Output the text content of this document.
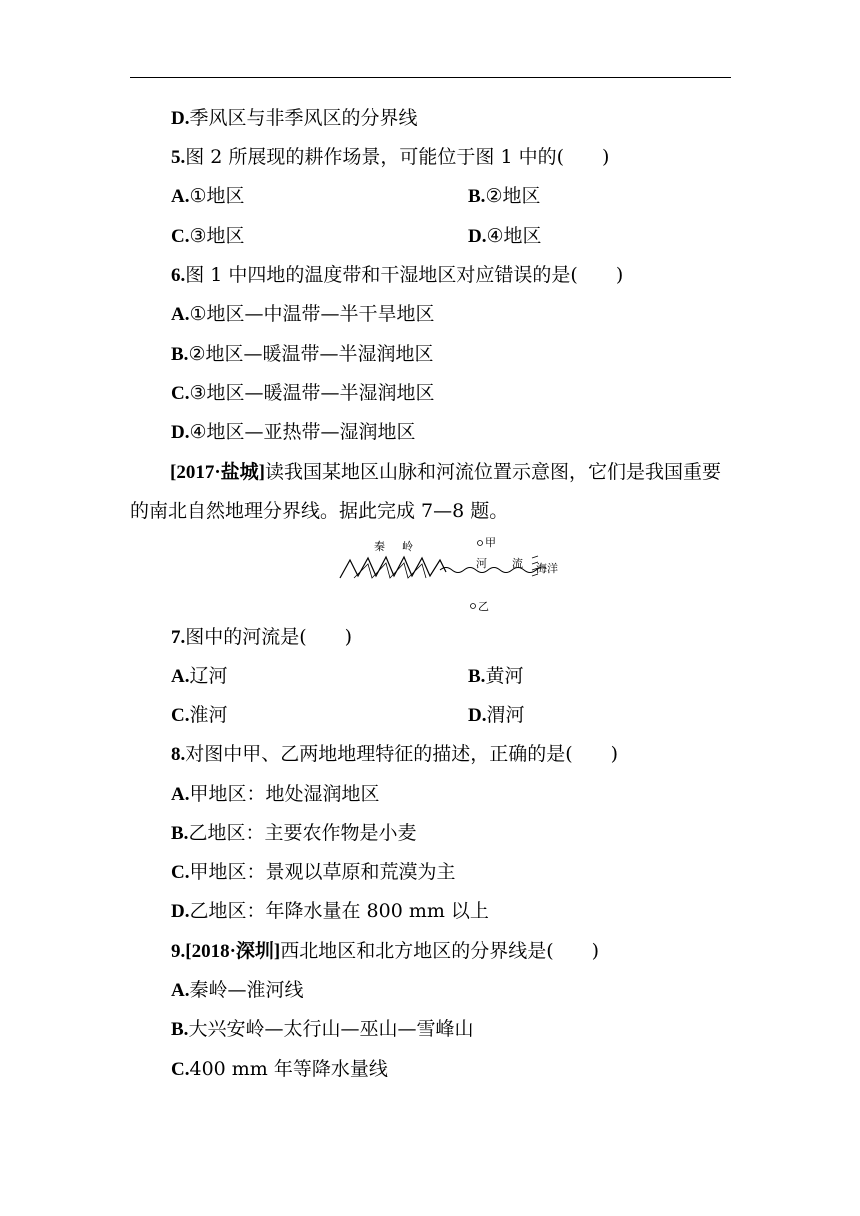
D.季风区与非季风区的分界线
5.图 2 所展现的耕作场景，可能位于图 1 中的(　　)
A.①地区	B.②地区
C.③地区	D.④地区
6.图 1 中四地的温度带和干湿地区对应错误的是(　　)
A.①地区—中温带—半干旱地区
B.②地区—暖温带—半湿润地区
C.③地区—暖温带—半湿润地区
D.④地区—亚热带—湿润地区
[2017·盐城]读我国某地区山脉和河流位置示意图，它们是我国重要的南北自然地理分界线。据此完成 7—8 题。
秦 岭
河 流 海洋
甲
乙
7.图中的河流是(　　)
A.辽河	B.黄河
C.淮河	D.渭河
8.对图中甲、乙两地地理特征的描述，正确的是(　　)
A.甲地区：地处湿润地区
B.乙地区：主要农作物是小麦
C.甲地区：景观以草原和荒漠为主
D.乙地区：年降水量在 800 mm 以上
9.[2018·深圳]西北地区和北方地区的分界线是(　　)
A.秦岭—淮河线
B.大兴安岭—太行山—巫山—雪峰山
C.400 mm 年等降水量线
